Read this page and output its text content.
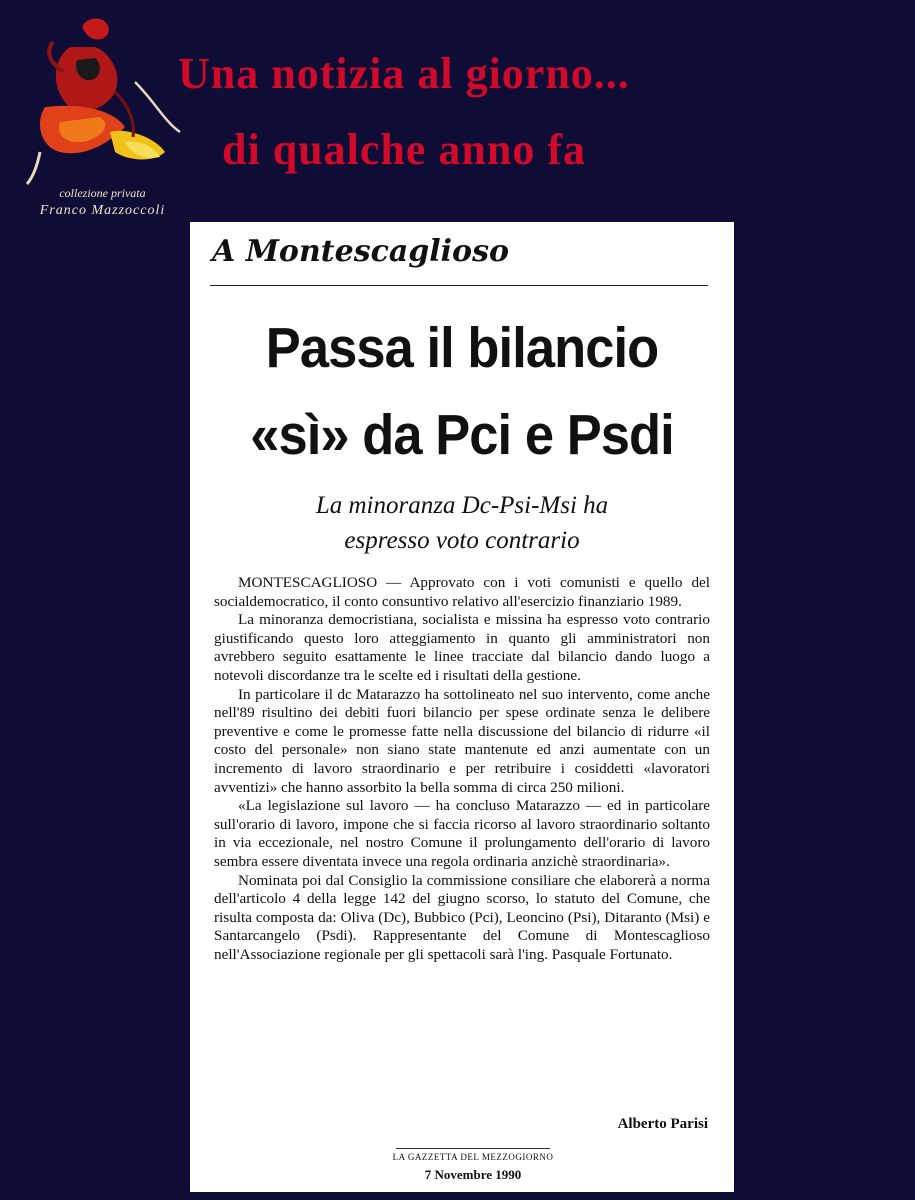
collezione privata
Franco Mazzoccoli
Una notizia al giorno...
di qualche anno fa
A Montescaglioso
Passa il bilancio
«sì» da Pci e Psdi
La minoranza Dc-Psi-Msi ha
espresso voto contrario

MONTESCAGLIOSO — Approvato con i voti comunisti e quello del socialdemocratico, il conto consuntivo relativo all'esercizio finanziario 1989.

La minoranza democristiana, socialista e missina ha espresso voto contrario giustificando questo loro atteggiamento in quanto gli amministratori non avrebbero seguito esattamente le linee tracciate dal bilancio dando luogo a notevoli discordanze tra le scelte ed i risultati della gestione.

In particolare il dc Matarazzo ha sottolineato nel suo intervento, come anche nell'89 risultino dei debiti fuori bilancio per spese ordinate senza le delibere preventive e come le promesse fatte nella discussione del bilancio di ridurre «il costo del personale» non siano state mantenute ed anzi aumentate con un incremento di lavoro straordinario e per retribuire i cosiddetti «lavoratori avventizi» che hanno assorbito la bella somma di circa 250 milioni.

«La legislazione sul lavoro — ha concluso Matarazzo — ed in particolare sull'orario di lavoro, impone che si faccia ricorso al lavoro straordinario soltanto in via eccezionale, nel nostro Comune il prolungamento dell'orario di lavoro sembra essere diventata invece una regola ordinaria anzichè straordinaria».

Nominata poi dal Consiglio la commissione consiliare che elaborerà a norma dell'articolo 4 della legge 142 del giugno scorso, lo statuto del Comune, che risulta composta da: Oliva (Dc), Bubbico (Pci), Leoncino (Psi), Ditaranto (Msi) e Santarcangelo (Psdi). Rappresentante del Comune di Montescaglioso nell'Associazione regionale per gli spettacoli sarà l'ing. Pasquale Fortunato.

Alberto Parisi
LA GAZZETTA DEL MEZZOGIORNO
7 Novembre 1990
